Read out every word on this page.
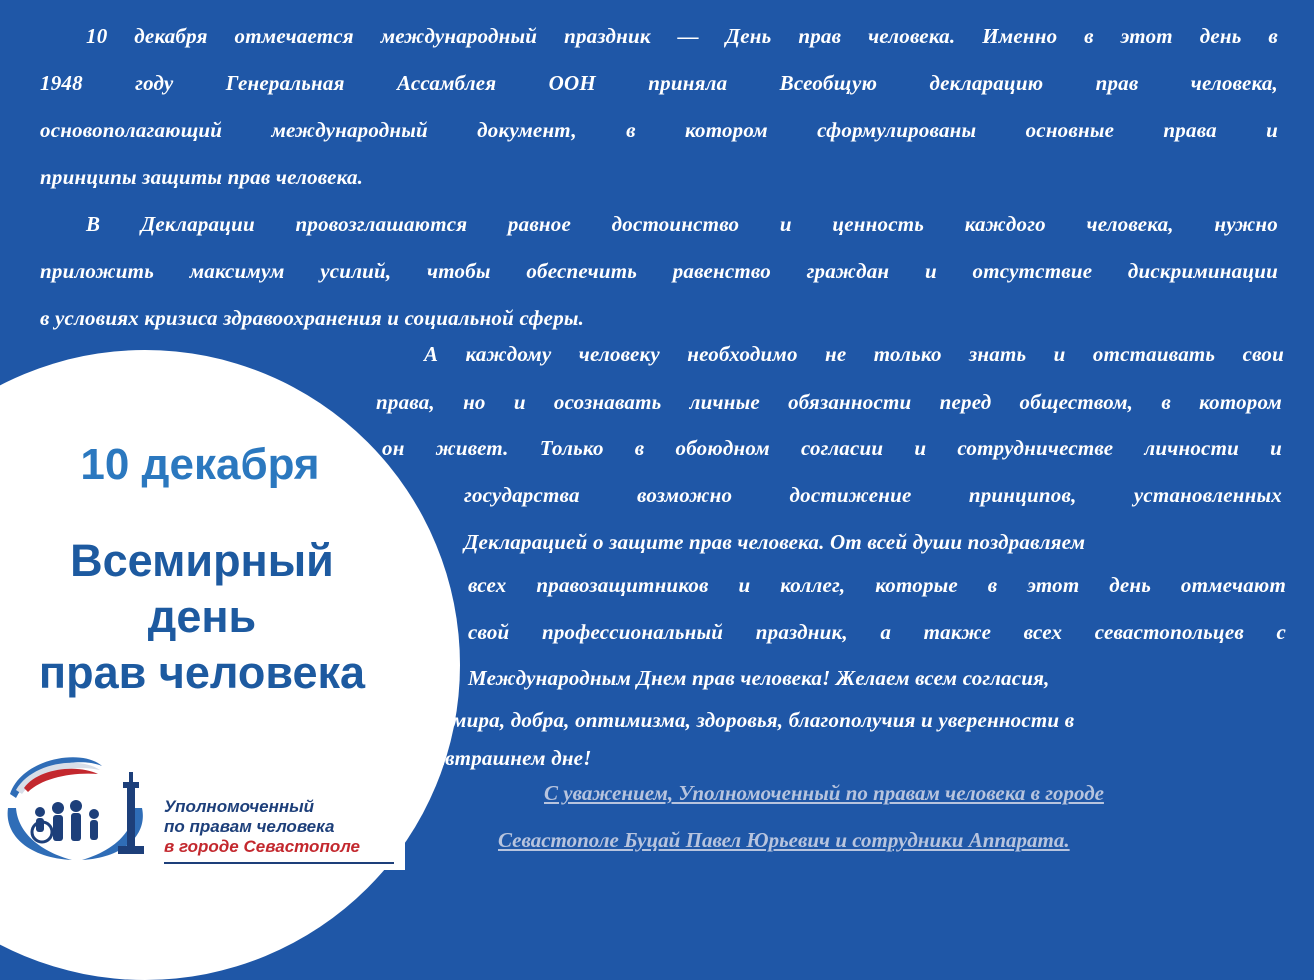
10 декабря отмечается международный праздник — День прав человека. Именно в этот день в

1948 году Генеральная Ассамблея ООН приняла Всеобщую декларацию прав человека,

основополагающий международный документ, в котором сформулированы основные права и

принципы защиты прав человека.

В Декларации провозглашаются равное достоинство и ценность каждого человека, нужно

приложить максимум усилий, чтобы обеспечить равенство граждан и отсутствие дискриминации

в условиях кризиса здравоохранения и социальной сферы.

А каждому человеку необходимо не только знать и отстаивать свои

права, но и осознавать личные обязанности перед обществом, в котором

он живет. Только в обоюдном согласии и сотрудничестве личности и

государства возможно достижение принципов, установленных

Декларацией о защите прав человека. От всей души поздравляем

всех правозащитников и коллег, которые в этот день отмечают

свой профессиональный праздник, а также всех севастопольцев с

Международным Днем прав человека! Желаем всем согласия,

мира, добра, оптимизма, здоровья, благополучия и уверенности в

завтрашнем дне!

С уважением, Уполномоченный по правам человека в городе

Севастополе Буцай Павел Юрьевич и сотрудники Аппарата.

10 декабря

Всемирный
день
прав человека
Уполномоченный
по правам человека
в городе Севастополе
